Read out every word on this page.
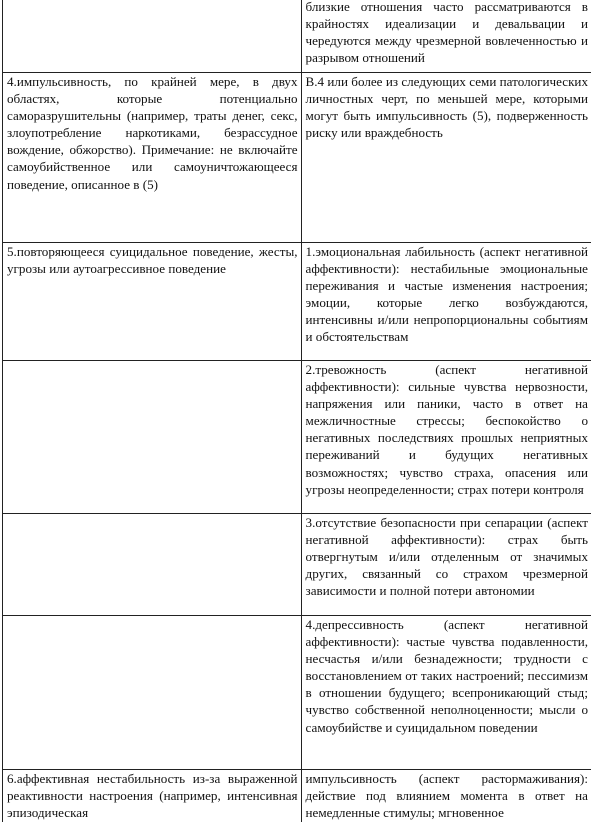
	близкие отношения часто рассматриваются в крайностях идеализации и девальвации и чередуются между чрезмерной вовлеченностью и разрывом отношений

4.импульсивность, по крайней мере, в двух областях, которые потенциально саморазрушительны (например, траты денег, секс, злоупотребление наркотиками, безрассудное вождение, обжорство). Примечание: не включайте самоубийственное или самоуничтожающееся поведение, описанное в (5)	B.4 или более из следующих семи патологических личностных черт, по меньшей мере, которыми могут быть импульсивность (5), подверженность риску или враждебность

5.повторяющееся суицидальное поведение, жесты, угрозы или аутоагрессивное поведение	1.эмоциональная лабильность (аспект негативной аффективности): нестабильные эмоциональные переживания и частые изменения настроения; эмоции, которые легко возбуждаются, интенсивны и/или непропорциональны событиям и обстоятельствам

	2.тревожность (аспект негативной аффективности): сильные чувства нервозности, напряжения или паники, часто в ответ на межличностные стрессы; беспокойство о негативных последствиях прошлых неприятных переживаний и будущих негативных возможностях; чувство страха, опасения или угрозы неопределенности; страх потери контроля

	3.отсутствие безопасности при сепарации (аспект негативной аффективности): страх быть отвергнутым и/или отделенным от значимых других, связанный со страхом чрезмерной зависимости и полной потери автономии

	4.депрессивность (аспект негативной аффективности): частые чувства подавленности, несчастья и/или безнадежности; трудности с восстановлением от таких настроений; пессимизм в отношении будущего; всепроникающий стыд; чувство собственной неполноценности; мысли о самоубийстве и суицидальном поведении

6.аффективная нестабильность из-за выраженной реактивности настроения (например, интенсивная эпизодическая	импульсивность (аспект растормаживания): действие под влиянием момента в ответ на немедленные стимулы; мгновенное
